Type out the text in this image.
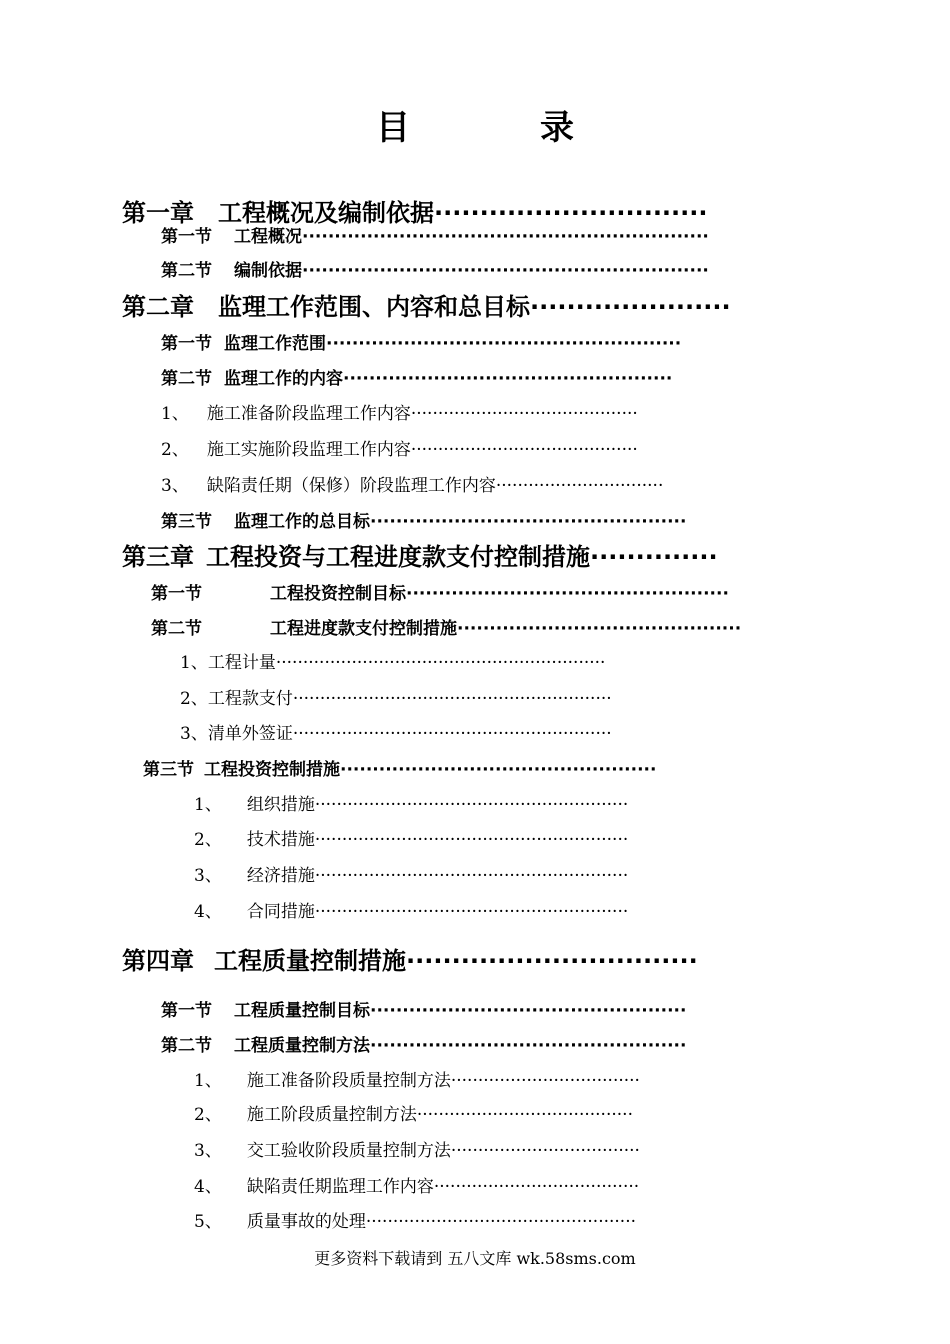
目　录
第一章 工程概况及编制依据······························
第一节 工程概况·······························································
第二节 编制依据·······························································
第二章 监理工作范围、内容和总目标······················
第一节 监理工作范围·······················································
第二节 监理工作的内容···················································
1、 施工准备阶段监理工作内容··········································
2、 施工实施阶段监理工作内容··········································
3、 缺陷责任期（保修）阶段监理工作内容·······························
第三节 监理工作的总目标·················································
第三章 工程投资与工程进度款支付控制措施··············
第一节	工程投资控制目标··················································
第二节	工程进度款支付控制措施············································
1、工程计量·····························································
2、工程款支付···························································
3、清单外签证···························································
第三节 工程投资控制措施·················································
1、 组织措施··························································
2、 技术措施··························································
3、 经济措施··························································
4、 合同措施··························································
第四章 工程质量控制措施································
第一节 工程质量控制目标·················································
第二节 工程质量控制方法·················································
1、 施工准备阶段质量控制方法···································
2、 施工阶段质量控制方法········································
3、 交工验收阶段质量控制方法···································
4、 缺陷责任期监理工作内容······································
5、 质量事故的处理··················································
更多资料下载请到 五八文库 wk.58sms.com
